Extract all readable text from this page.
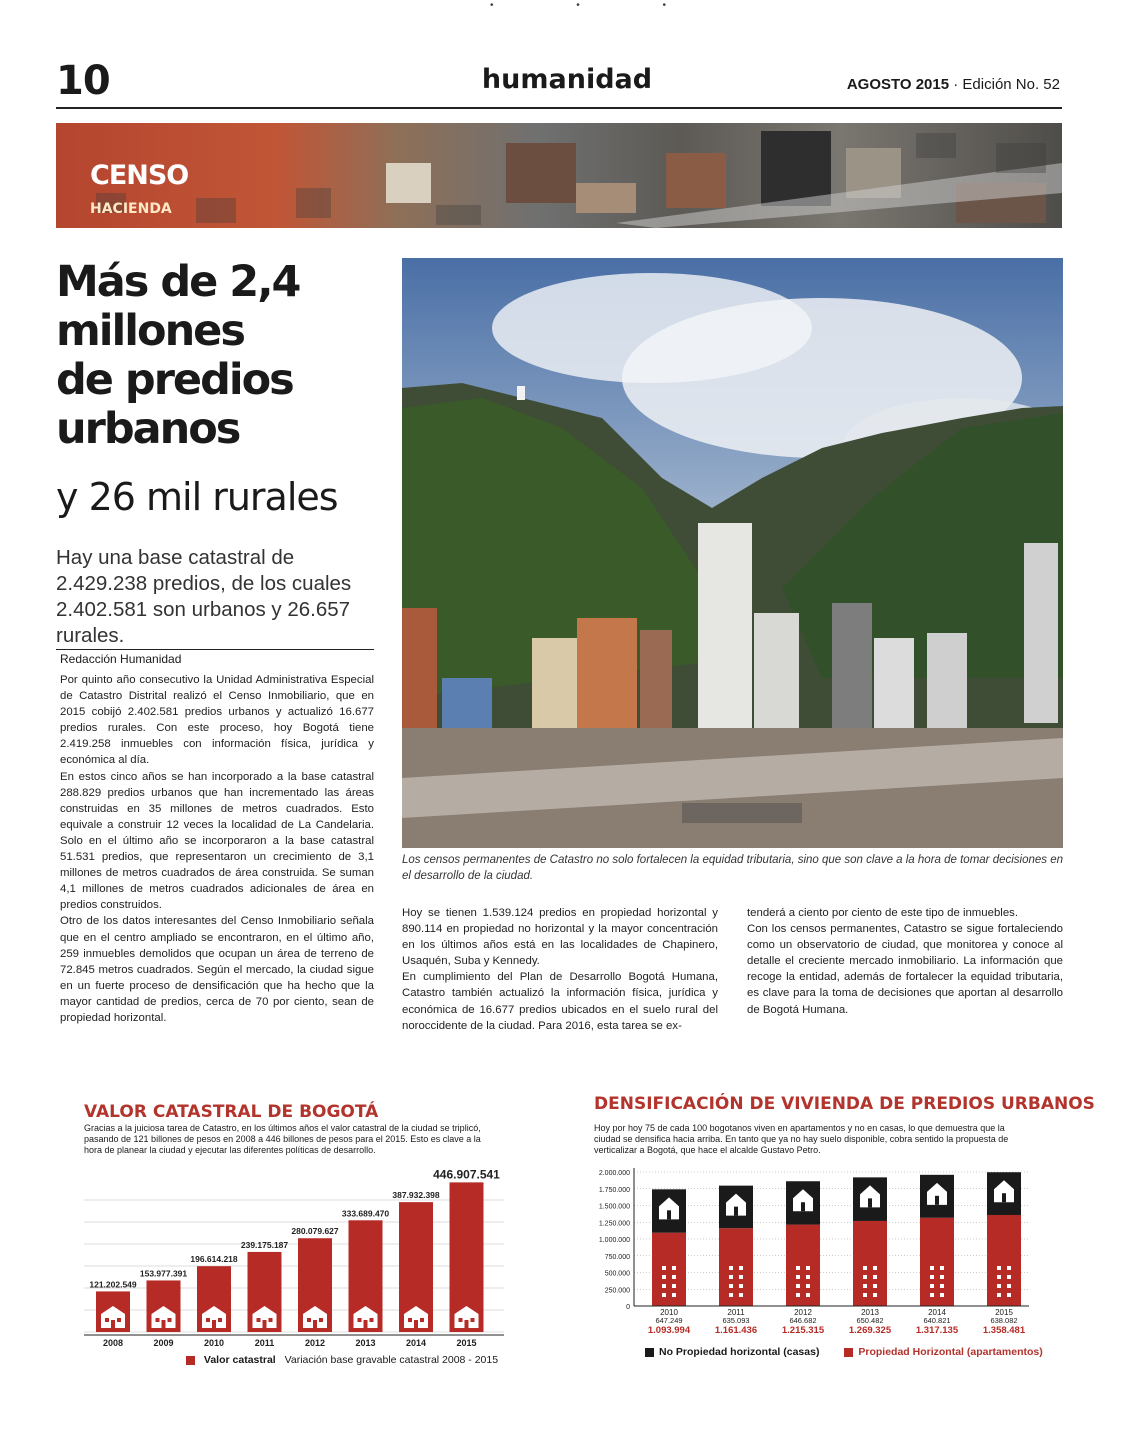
• • •
10	humanidad	AGOSTO 2015 · Edición No. 52
CENSO
HACIENDA
Más de 2,4
millones
de predios
urbanos
y 26 mil rurales
Hay una base catastral de 2.429.238 predios, de los cuales 2.402.581 son urbanos y 26.657 rurales.
Redacción Humanidad

Por quinto año consecutivo la Unidad Administrativa Especial de Catastro Distrital realizó el Censo Inmobiliario, que en 2015 cobijó 2.402.581 predios urbanos y actualizó 16.677 predios rurales. Con este proceso, hoy Bogotá tiene 2.419.258 inmuebles con información física, jurídica y económica al día.

En estos cinco años se han incorporado a la base catastral 288.829 predios urbanos que han incrementado las áreas construidas en 35 millones de metros cuadrados. Esto equivale a construir 12 veces la localidad de La Candelaria. Solo en el último año se incorporaron a la base catastral 51.531 predios, que representaron un crecimiento de 3,1 millones de metros cuadrados de área construida. Se suman 4,1 millones de metros cuadrados adicionales de área en predios construidos.

Otro de los datos interesantes del Censo Inmobiliario señala que en el centro ampliado se encontraron, en el último año, 259 inmuebles demolidos que ocupan un área de terreno de 72.845 metros cuadrados. Según el mercado, la ciudad sigue en un fuerte proceso de densificación que ha hecho que la mayor cantidad de predios, cerca de 70 por ciento, sean de propiedad horizontal.

Los censos permanentes de Catastro no solo fortalecen la equidad tributaria, sino que son clave a la hora de tomar decisiones en el desarrollo de la ciudad.

Hoy se tienen 1.539.124 predios en propiedad horizontal y 890.114 en propiedad no horizontal y la mayor concentración en los últimos años está en las localidades de Chapinero, Usaquén, Suba y Kennedy.

En cumplimiento del Plan de Desarrollo Bogotá Humana, Catastro también actualizó la información física, jurídica y económica de 16.677 predios ubicados en el suelo rural del noroccidente de la ciudad. Para 2016, esta tarea se ex-

tenderá a ciento por ciento de este tipo de inmuebles.

Con los censos permanentes, Catastro se sigue fortaleciendo como un observatorio de ciudad, que monitorea y conoce al detalle el creciente mercado inmobiliario. La información que recoge la entidad, además de fortalecer la equidad tributaria, es clave para la toma de decisiones que aportan al desarrollo de Bogotá Humana.

VALOR CATASTRAL DE BOGOTÁ
Gracias a la juiciosa tarea de Catastro, en los últimos años el valor catastral de la ciudad se triplicó, pasando de 121 billones de pesos en 2008 a 446 billones de pesos para el 2015. Esto es clave a la hora de planear la ciudad y ejecutar las diferentes políticas de desarrollo.
121.202.549
2008
153.977.391
2009
196.614.218
2010
239.175.187
2011
280.079.627
2012
333.689.470
2013
387.932.398
2014
446.907.541
2015
Valor catastral Variación base gravable catastral 2008 - 2015
DENSIFICACIÓN DE VIVIENDA DE PREDIOS URBANOS
Hoy por hoy 75 de cada 100 bogotanos viven en apartamentos y no en casas, lo que demuestra que la ciudad se densifica hacia arriba. En tanto que ya no hay suelo disponible, cobra sentido la propuesta de verticalizar a Bogotá, que hace el alcalde Gustavo Petro.
2.000.000
1.750.000
1.500.000
1.250.000
1.000.000
750.000
500.000
250.000
0
2010
647.249
1.093.994
2011
635.093
1.161.436
2012
646.682
1.215.315
2013
650.482
1.269.325
2014
640.821
1.317.135
2015
638.082
1.358.481
No Propiedad horizontal (casas)	Propiedad Horizontal (apartamentos)
